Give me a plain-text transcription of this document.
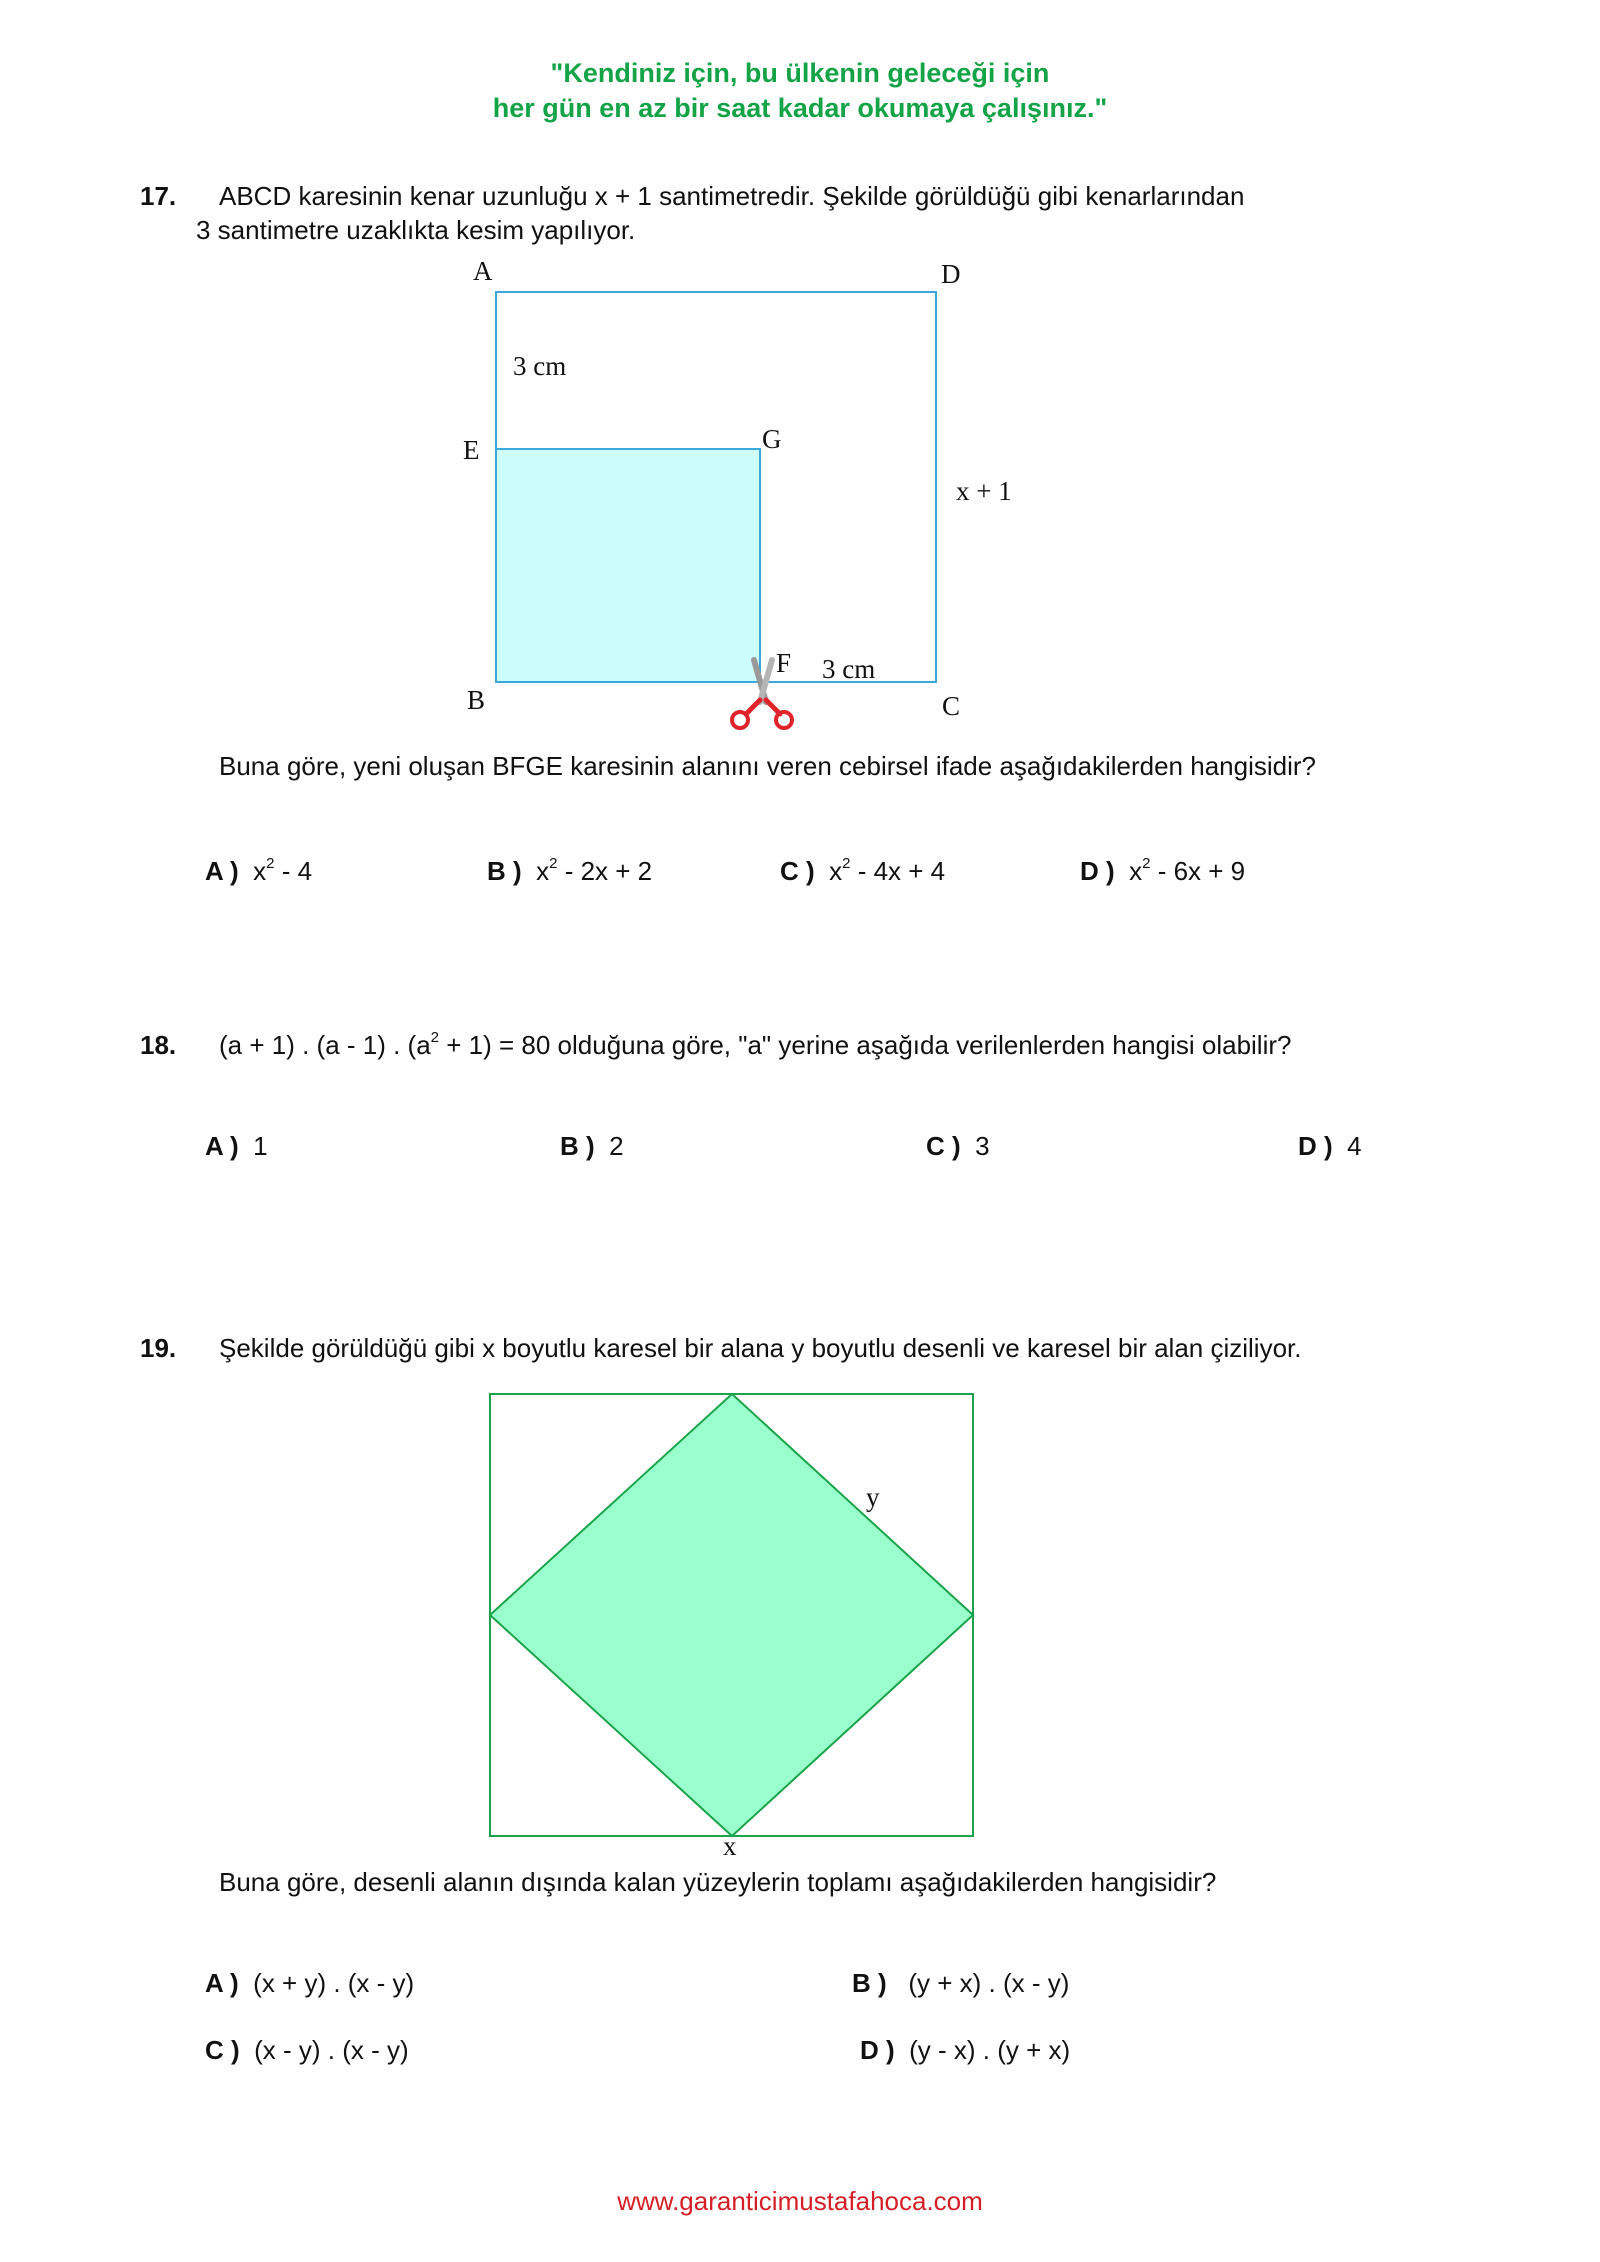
"Kendiniz için, bu ülkenin geleceği için
her gün en az bir saat kadar okumaya çalışınız."
17. ABCD karesinin kenar uzunluğu x + 1 santimetredir. Şekilde görüldüğü gibi kenarlarından
3 santimetre uzaklıkta kesim yapılıyor.
A	D
3 cm
E	G
x + 1
F 3 cm
B	C
Buna göre, yeni oluşan BFGE karesinin alanını veren cebirsel ifade aşağıdakilerden hangisidir?
A ) $x^2 - 4$	B ) $x^2 - 2x + 2$	C ) $x^2 - 4x + 4$	D ) $x^2 - 6x + 9$
18. (a + 1) . (a - 1) . $(a^2 + 1) = 80$ olduğuna göre, "a" yerine aşağıda verilenlerden hangisi olabilir?
A ) 1	B ) 2	C ) 3	D ) 4
19. Şekilde görüldüğü gibi x boyutlu karesel bir alana y boyutlu desenli ve karesel bir alan çiziliyor.
y
x
Buna göre, desenli alanın dışında kalan yüzeylerin toplamı aşağıdakilerden hangisidir?
A ) (x + y) . (x - y)	B ) (y + x) . (x - y)
C ) (x - y) . (x - y)	D ) (y - x) . (y + x)
www.garanticimustafahoca.com
